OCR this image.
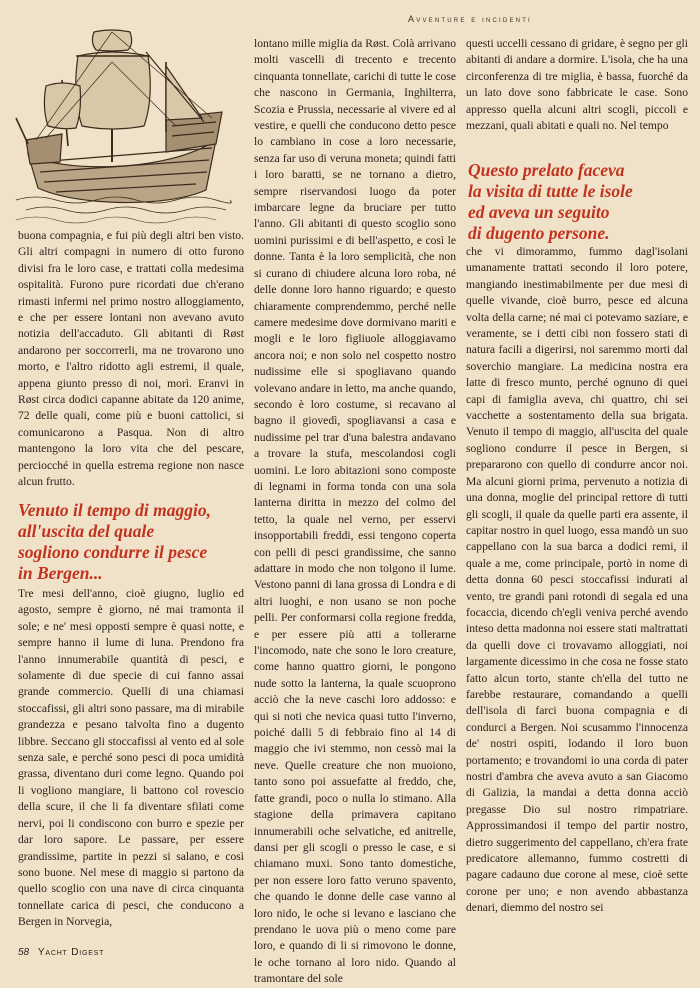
Avventure e incidenti

buona compagnia, e fui più degli altri ben visto. Gli altri compagni in numero di otto furono divisi fra le loro case, e trattati colla medesima ospitalità. Furono pure ricordati due ch'erano rimasti infermi nel primo nostro alloggiamento, e che per essere lontani non avevano avuto notizia dell'accaduto. Gli abitanti di Røst andarono per soccorrerli, ma ne trovarono uno morto, e l'altro ridotto agli estremi, il quale, appena giunto presso di noi, morì. Eranvi in Røst circa dodici capanne abitate da 120 anime, 72 delle quali, come più e buoni cattolici, si comunicarono a Pasqua. Non di altro mantengono la loro vita che del pescare, perciocché in quella estrema regione non nasce alcun frutto.

Venuto il tempo di maggio,
all'uscita del quale
sogliono condurre il pesce
in Bergen...

Tre mesi dell'anno, cioè giugno, luglio ed agosto, sempre è giorno, né mai tramonta il sole; e ne' mesi opposti sempre è quasi notte, e sempre hanno il lume di luna. Prendono fra l'anno innumerabile quantità di pesci, e solamente di due specie di cui fanno assai grande commercio. Quelli di una chiamasi stoccafissi, gli altri sono passare, ma di mirabile grandezza e pesano talvolta fino a dugento libbre. Seccano gli stoccafissi al vento ed al sole senza sale, e perché sono pesci di poca umidità grassa, diventano duri come legno. Quando poi li vogliono mangiare, li battono col rovescio della scure, il che li fa diventare sfilati come nervi, poi li condiscono con burro e spezie per dar loro sapore. Le passare, per essere grandissime, partite in pezzi si salano, e così sono buone. Nel mese di maggio si partono da quello scoglio con una nave di circa cinquanta tonnellate carica di pesci, che conducono a Bergen in Norvegia,

lontano mille miglia da Røst. Colà arrivano molti vascelli di trecento e trecento cinquanta tonnellate, carichi di tutte le cose che nascono in Germania, Inghilterra, Scozia e Prussia, necessarie al vivere ed al vestire, e quelli che conducono detto pesce lo cambiano in cose a loro necessarie, senza far uso di veruna moneta; quindi fatti i loro baratti, se ne tornano a dietro, sempre riservandosi luogo da poter imbarcare legne da bruciare per tutto l'anno. Gli abitanti di questo scoglio sono uomini purissimi e di bell'aspetto, e così le donne. Tanta è la loro semplicità, che non si curano di chiudere alcuna loro roba, né delle donne loro hanno riguardo; e questo chiaramente comprendemmo, perché nelle camere medesime dove dormivano mariti e mogli e le loro figliuole alloggiavamo ancora noi; e non solo nel cospetto nostro nudissime elle si spogliavano quando volevano andare in letto, ma anche quando, secondo è loro costume, si recavano al bagno il giovedì, spogliavansi a casa e nudissime pel trar d'una balestra andavano a trovare la stufa, mescolandosi cogli uomini. Le loro abitazioni sono composte di legnami in forma tonda con una sola lanterna diritta in mezzo del colmo del tetto, la quale nel verno, per esservi insopportabili freddi, essi tengono coperta con pelli di pesci grandissime, che sanno adattare in modo che non tolgono il lume. Vestono panni di lana grossa di Londra e di altri luoghi, e non usano se non poche pelli. Per conformarsi colla regione fredda, e per essere più atti a tollerarne l'incomodo, nate che sono le loro creature, come hanno quattro giorni, le pongono nude sotto la lanterna, la quale scuoprono acciò che la neve caschi loro addosso: e qui si noti che nevica quasi tutto l'inverno, poiché dalli 5 di febbraio fino al 14 di maggio che ivi stemmo, non cessò mai la neve. Quelle creature che non muoiono, tanto sono poi assuefatte al freddo, che, fatte grandi, poco o nulla lo stimano. Alla stagione della primavera capitano innumerabili oche selvatiche, ed anitrelle, dansi per gli scogli o presso le case, e si chiamano muxi. Sono tanto domestiche, per non essere loro fatto veruno spavento, che quando le donne delle case vanno al loro nido, le oche si levano e lasciano che prendano le uova più o meno come pare loro, e quando di li si rimovono le donne, le oche tornano al loro nido. Quando al tramontare del sole

questi uccelli cessano di gridare, è segno per gli abitanti di andare a dormire. L'isola, che ha una circonferenza di tre miglia, è bassa, fuorché da un lato dove sono fabbricate le case. Sono appresso quella alcuni altri scogli, piccoli e mezzani, quali abitati e quali no. Nel tempo

Questo prelato faceva
la visita di tutte le isole
ed aveva un seguito
di dugento persone.

che vi dimorammo, fummo dagl'isolani umanamente trattati secondo il loro potere, mangiando inestimabilmente per due mesi di quelle vivande, cioè burro, pesce ed alcuna volta della carne; né mai ci potevamo saziare, e veramente, se i detti cibi non fossero stati di natura facili a digerirsi, noi saremmo morti dal soverchio mangiare. La medicina nostra era latte di fresco munto, perché ognuno di quei capi di famiglia aveva, chi quattro, chi sei vacchette a sostentamento della sua brigata. Venuto il tempo di maggio, all'uscita del quale sogliono condurre il pesce in Bergen, si prepararono con quello di condurre ancor noi. Ma alcuni giorni prima, pervenuto a notizia di una donna, moglie del principal rettore di tutti gli scogli, il quale da quelle parti era assente, il capitar nostro in quel luogo, essa mandò un suo cappellano con la sua barca a dodici remi, il quale a me, come principale, portò in nome di detta donna 60 pesci stoccafissi indurati al vento, tre grandi pani rotondi di segala ed una focaccia, dicendo ch'egli veniva perché avendo inteso detta madonna noi essere stati maltrattati da quelli dove ci trovavamo alloggiati, noi largamente dicessimo in che cosa ne fosse stato fatto alcun torto, stante ch'ella del tutto ne farebbe restaurare, comandando a quelli dell'isola di farci buona compagnia e di condurci a Bergen. Noi scusammo l'innocenza de' nostri ospiti, lodando il loro buon portamento; e trovandomi io una corda di pater nostri d'ambra che aveva avuto a san Giacomo di Galizia, la mandai a detta donna acciò pregasse Dio sul nostro rimpatriare. Approssimandosi il tempo del partir nostro, dietro suggerimento del cappellano, ch'era frate predicatore allemanno, fummo costretti di pagare cadauno due corone al mese, cioè sette corone per uno; e non avendo abbastanza denari, diemmo del nostro sei

58 Yacht Digest
